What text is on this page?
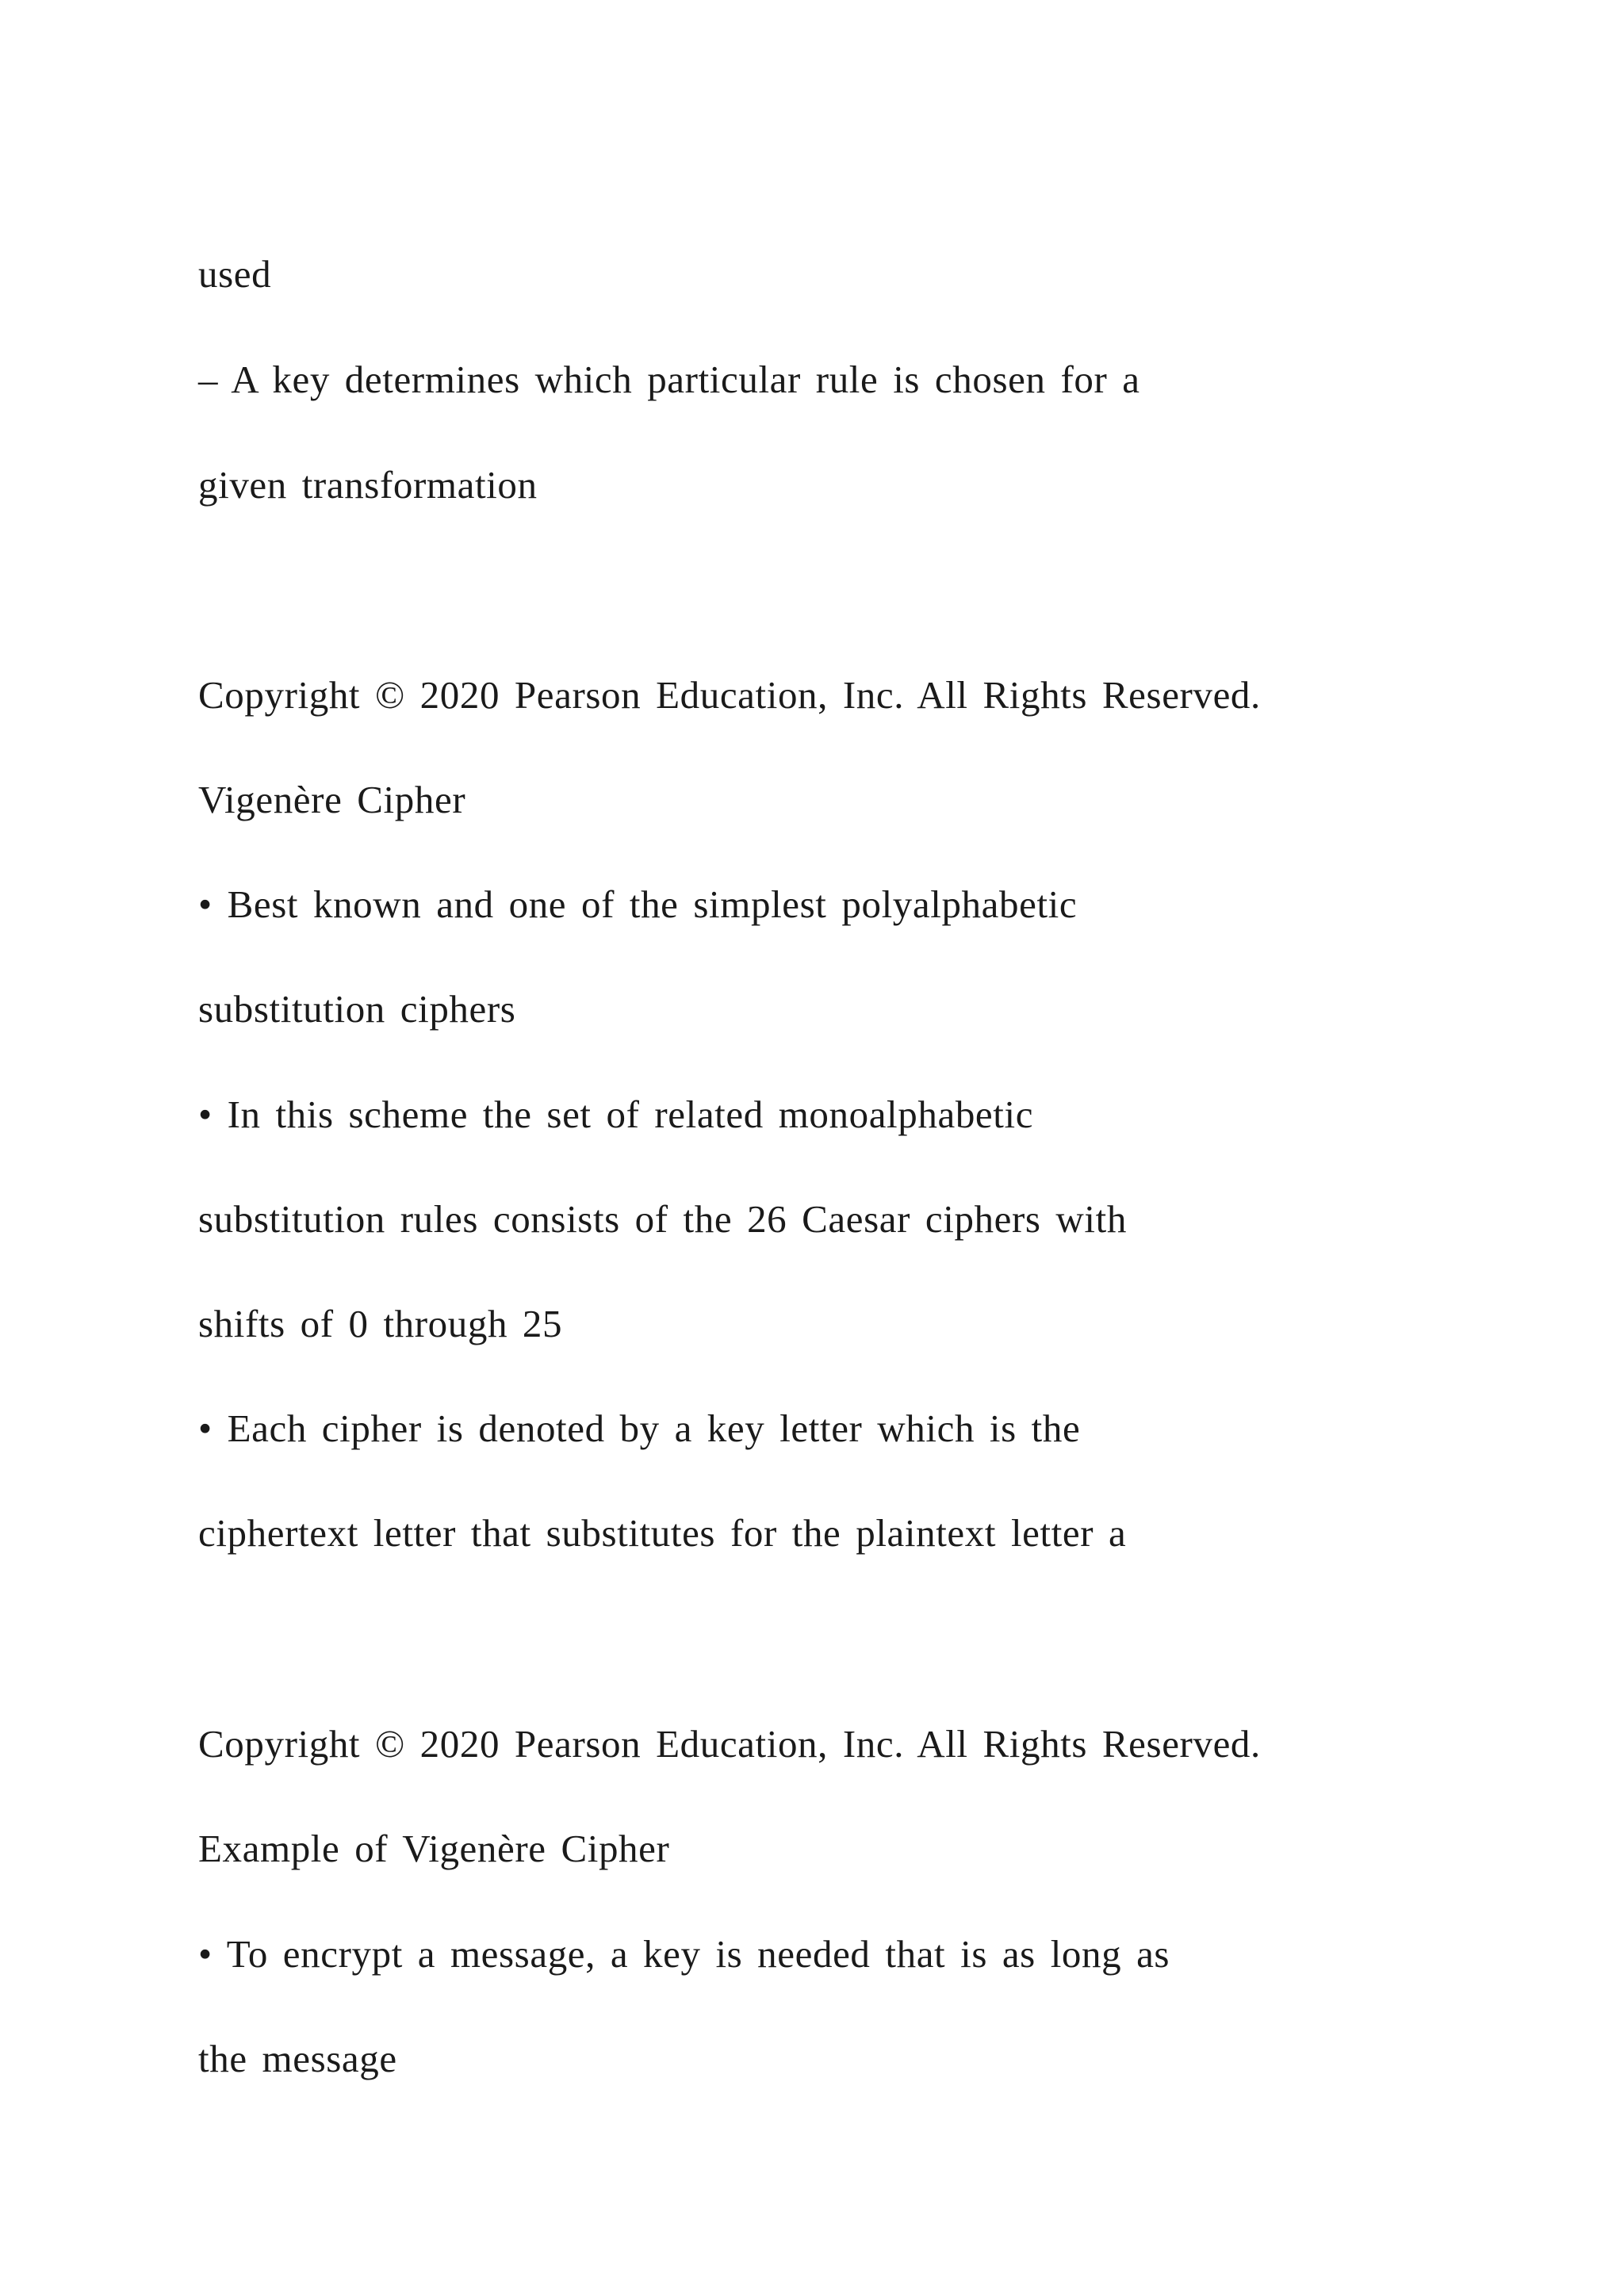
used
– A key determines which particular rule is chosen for a
given transformation
Copyright © 2020 Pearson Education, Inc. All Rights Reserved.
Vigenère Cipher
• Best known and one of the simplest polyalphabetic
substitution ciphers
• In this scheme the set of related monoalphabetic
substitution rules consists of the 26 Caesar ciphers with
shifts of 0 through 25
• Each cipher is denoted by a key letter which is the
ciphertext letter that substitutes for the plaintext letter a
Copyright © 2020 Pearson Education, Inc. All Rights Reserved.
Example of Vigenère Cipher
• To encrypt a message, a key is needed that is as long as
the message
